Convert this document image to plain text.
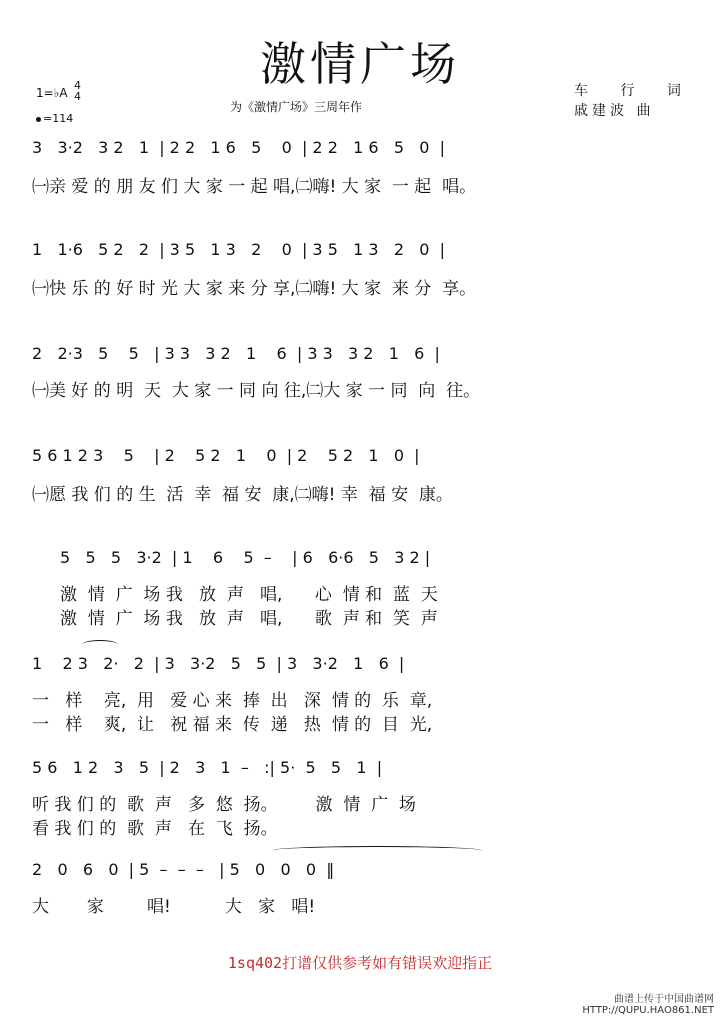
激情广场
为《激情广场》三周年作
车 行 词
戚建波 曲
1=♭A
4
4
=114
3   3·2   3 2   1  | 2 2   1 6   5    0  | 2 2   1 6   5   0  |
㈠亲 爱 的 朋 友 们 大 家 一 起 唱,㈡嗨! 大 家  一 起  唱。
1   1·6   5 2   2  | 3 5   1 3   2    0  | 3 5   1 3   2   0  |
㈠快 乐 的 好 时 光 大 家 来 分 享,㈡嗨! 大 家  来 分  享。
2   2·3   5    5   | 3 3   3 2   1    6  | 3 3   3 2   1   6  |
㈠美 好 的 明  天  大 家 一 同 向 往,㈡大 家 一 同  向  往。
5 6 1 2 3    5    | 2    5 2   1    0  | 2    5 2   1   0  |
㈠愿 我 们 的 生  活  幸  福 安  康,㈡嗨! 幸  福 安  康。
5   5   5   3·2  | 1    6    5  –    | 6   6·6   5   3 2 |
激  情  广  场 我   放  声   唱,      心  情 和  蓝  天
激  情  广  场 我   放  声   唱,      歌  声 和  笑  声
1    2 3   2·   2  | 3   3·2   5   5  | 3   3·2   1   6  |
一   样    亮,  用   爱 心 来  捧  出   深  情 的  乐  章,
一   样    爽,  让   祝 福 来  传  递   热  情 的  目  光,
5 6   1 2   3   5  | 2   3   1  –   :| 5·  5   5   1  |
听 我 们 的  歌  声   多  悠  扬。       激  情  广  场
看 我 们 的  歌  声   在  飞  扬。
2   0   6   0  | 5  –  –  –   | 5   0   0   0  ‖
大       家        唱!          大   家   唱!
1sq402打谱仅供参考如有错误欢迎指正
曲谱上传于中国曲谱网
HTTP://QUPU.HAO861.NET
